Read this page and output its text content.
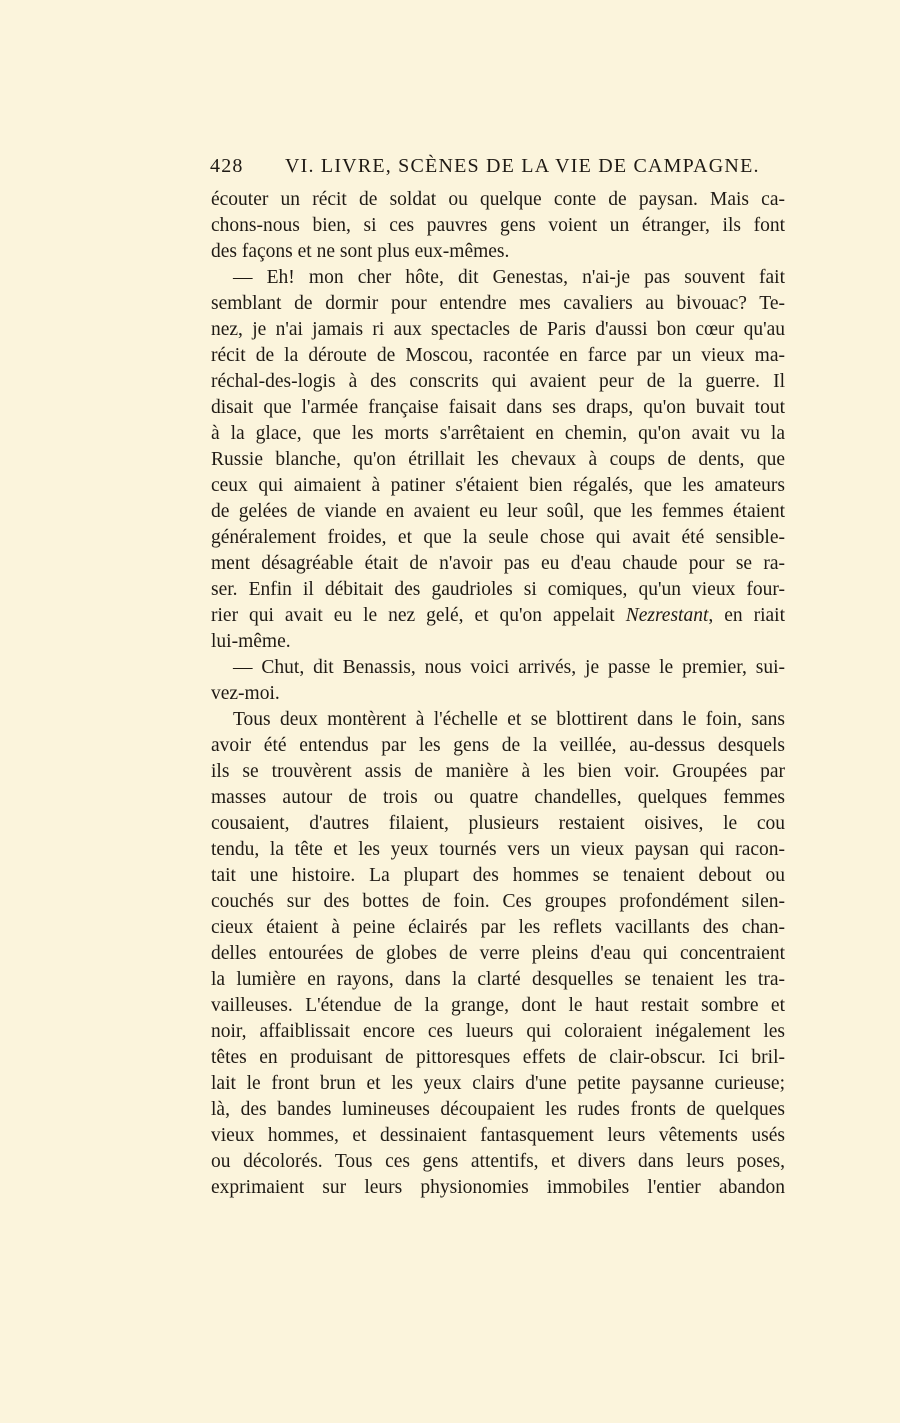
428 VI. LIVRE, SCÈNES DE LA VIE DE CAMPAGNE.
écouter un récit de soldat ou quelque conte de paysan. Mais ca-
chons-nous bien, si ces pauvres gens voient un étranger, ils font
des façons et ne sont plus eux-mêmes.
— Eh! mon cher hôte, dit Genestas, n'ai-je pas souvent fait
semblant de dormir pour entendre mes cavaliers au bivouac? Te-
nez, je n'ai jamais ri aux spectacles de Paris d'aussi bon cœur qu'au
récit de la déroute de Moscou, racontée en farce par un vieux ma-
réchal-des-logis à des conscrits qui avaient peur de la guerre. Il
disait que l'armée française faisait dans ses draps, qu'on buvait tout
à la glace, que les morts s'arrêtaient en chemin, qu'on avait vu la
Russie blanche, qu'on étrillait les chevaux à coups de dents, que
ceux qui aimaient à patiner s'étaient bien régalés, que les amateurs
de gelées de viande en avaient eu leur soûl, que les femmes étaient
généralement froides, et que la seule chose qui avait été sensible-
ment désagréable était de n'avoir pas eu d'eau chaude pour se ra-
ser. Enfin il débitait des gaudrioles si comiques, qu'un vieux four-
rier qui avait eu le nez gelé, et qu'on appelait Nezrestant, en riait
lui-même.
— Chut, dit Benassis, nous voici arrivés, je passe le premier, sui-
vez-moi.
Tous deux montèrent à l'échelle et se blottirent dans le foin, sans
avoir été entendus par les gens de la veillée, au-dessus desquels
ils se trouvèrent assis de manière à les bien voir. Groupées par
masses autour de trois ou quatre chandelles, quelques femmes
cousaient, d'autres filaient, plusieurs restaient oisives, le cou
tendu, la tête et les yeux tournés vers un vieux paysan qui racon-
tait une histoire. La plupart des hommes se tenaient debout ou
couchés sur des bottes de foin. Ces groupes profondément silen-
cieux étaient à peine éclairés par les reflets vacillants des chan-
delles entourées de globes de verre pleins d'eau qui concentraient
la lumière en rayons, dans la clarté desquelles se tenaient les tra-
vailleuses. L'étendue de la grange, dont le haut restait sombre et
noir, affaiblissait encore ces lueurs qui coloraient inégalement les
têtes en produisant de pittoresques effets de clair-obscur. Ici bril-
lait le front brun et les yeux clairs d'une petite paysanne curieuse;
là, des bandes lumineuses découpaient les rudes fronts de quelques
vieux hommes, et dessinaient fantasquement leurs vêtements usés
ou décolorés. Tous ces gens attentifs, et divers dans leurs poses,
exprimaient sur leurs physionomies immobiles l'entier abandon
